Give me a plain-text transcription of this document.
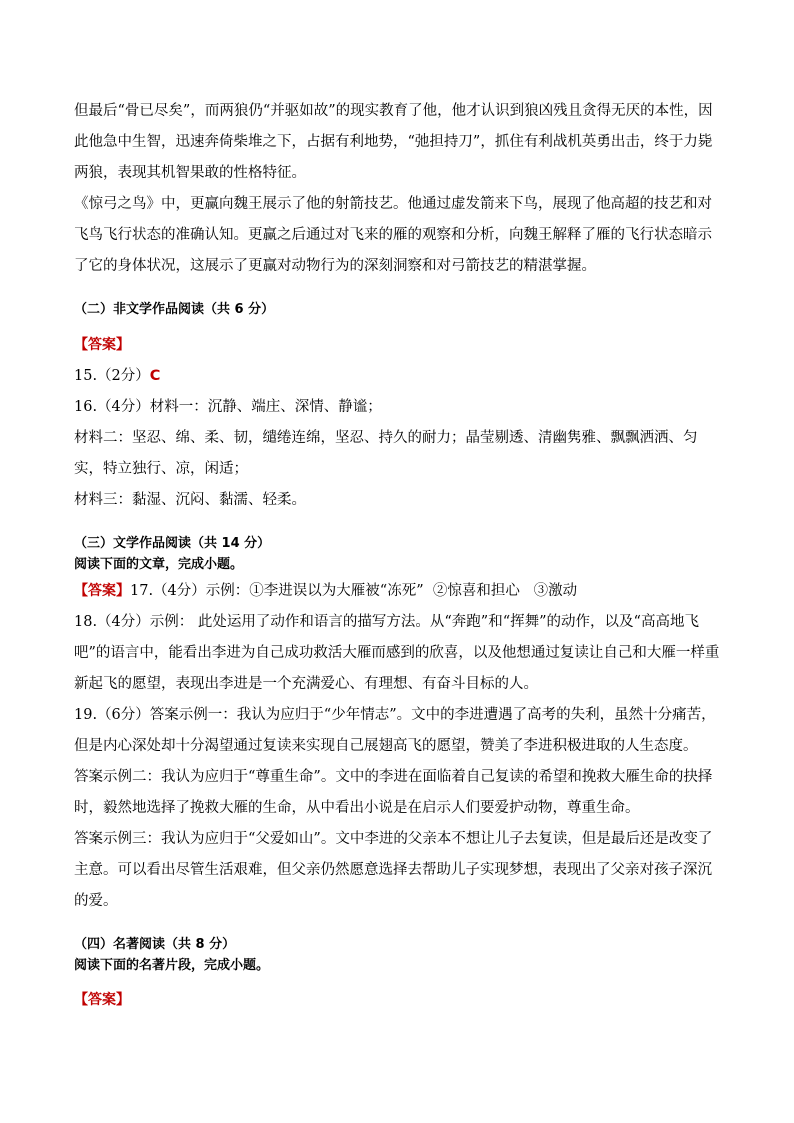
但最后“骨已尽矣”，而两狼仍“并驱如故”的现实教育了他，他才认识到狼凶残且贪得无厌的本性，因此他急中生智，迅速奔倚柴堆之下，占据有利地势，“弛担持刀”，抓住有利战机英勇出击，终于力毙两狼，表现其机智果敢的性格特征。

《惊弓之鸟》中，更赢向魏王展示了他的射箭技艺。他通过虚发箭来下鸟，展现了他高超的技艺和对飞鸟飞行状态的准确认知。更赢之后通过对飞来的雁的观察和分析，向魏王解释了雁的飞行状态暗示了它的身体状况，这展示了更赢对动物行为的深刻洞察和对弓箭技艺的精湛掌握。

（二）非文学作品阅读（共 6 分）

【答案】

15.（2分）C

16.（4分）材料一：沉静、端庄、深情、静谧；

材料二：坚忍、绵、柔、韧，缱绻连绵，坚忍、持久的耐力；晶莹剔透、清幽隽雅、飘飘洒洒、匀实，特立独行、凉，闲适；

材料三：黏湿、沉闷、黏濡、轻柔。

（三）文学作品阅读（共 14 分）

阅读下面的文章，完成小题。

【答案】17.（4分）示例：①李进误以为大雁被“冻死” ②惊喜和担心 ③激动

18.（4分）示例： 此处运用了动作和语言的描写方法。从“奔跑”和“挥舞”的动作，以及“高高地飞吧”的语言中，能看出李进为自己成功救活大雁而感到的欣喜，以及他想通过复读让自己和大雁一样重新起飞的愿望，表现出李进是一个充满爱心、有理想、有奋斗目标的人。

19.（6分）答案示例一：我认为应归于“少年情志”。文中的李进遭遇了高考的失利，虽然十分痛苦，但是内心深处却十分渴望通过复读来实现自己展翅高飞的愿望，赞美了李进积极进取的人生态度。

答案示例二：我认为应归于“尊重生命”。文中的李进在面临着自己复读的希望和挽救大雁生命的抉择时，毅然地选择了挽救大雁的生命，从中看出小说是在启示人们要爱护动物，尊重生命。

答案示例三：我认为应归于“父爱如山”。文中李进的父亲本不想让儿子去复读，但是最后还是改变了主意。可以看出尽管生活艰难，但父亲仍然愿意选择去帮助儿子实现梦想，表现出了父亲对孩子深沉的爱。

（四）名著阅读（共 8 分）

阅读下面的名著片段，完成小题。

【答案】
